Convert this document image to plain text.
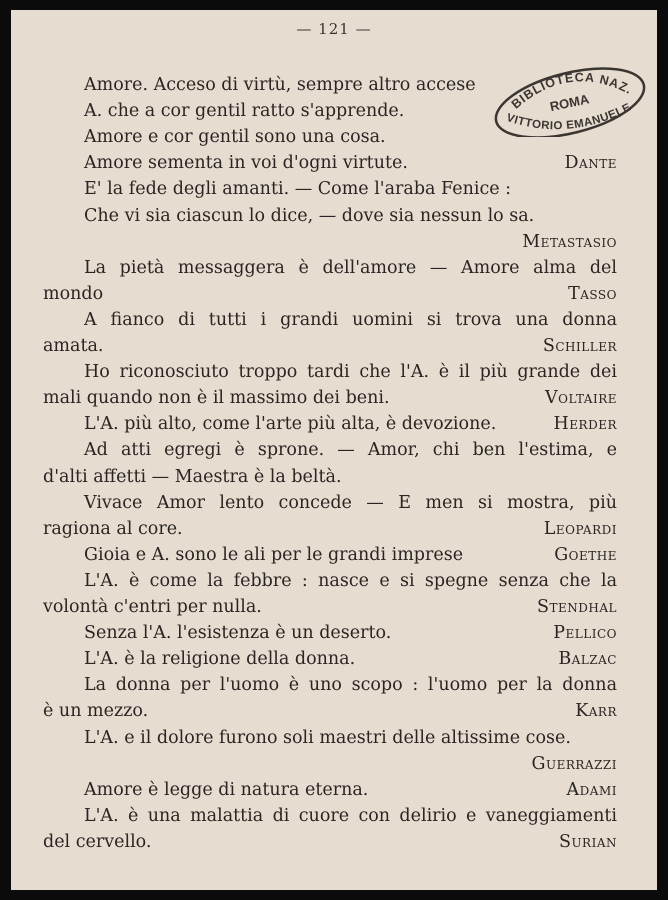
— 121 —
BIBLIOTECA NAZ.
ROMA
VITTORIO EMANUELE
Amore. Acceso di virtù, sempre altro accese
A. che a cor gentil ratto s'apprende.
Amore e cor gentil sono una cosa.
Amore sementa in voi d'ogni virtute.	Dante
E' la fede degli amanti. — Come l'araba Fenice :
Che vi sia ciascun lo dice, — dove sia nessun lo sa.
Metastasio
La pietà messaggera è dell'amore — Amore alma del
mondo	Tasso
A fianco di tutti i grandi uomini si trova una donna
amata.	Schiller
Ho riconosciuto troppo tardi che l'A. è il più grande dei
mali quando non è il massimo dei beni.	Voltaire
L'A. più alto, come l'arte più alta, è devozione.	Herder
Ad atti egregi è sprone. — Amor, chi ben l'estima, e
d'alti affetti — Maestra è la beltà.
Vivace Amor lento concede — E men si mostra, più
ragiona al core.	Leopardi
Gioia e A. sono le ali per le grandi imprese	Goethe
L'A. è come la febbre : nasce e si spegne senza che la
volontà c'entri per nulla.	Stendhal
Senza l'A. l'esistenza è un deserto.	Pellico
L'A. è la religione della donna.	Balzac
La donna per l'uomo è uno scopo : l'uomo per la donna
è un mezzo.	Karr
L'A. e il dolore furono soli maestri delle altissime cose.
Guerrazzi
Amore è legge di natura eterna.	Adami
L'A. è una malattia di cuore con delirio e vaneggiamenti
del cervello.	Surian
